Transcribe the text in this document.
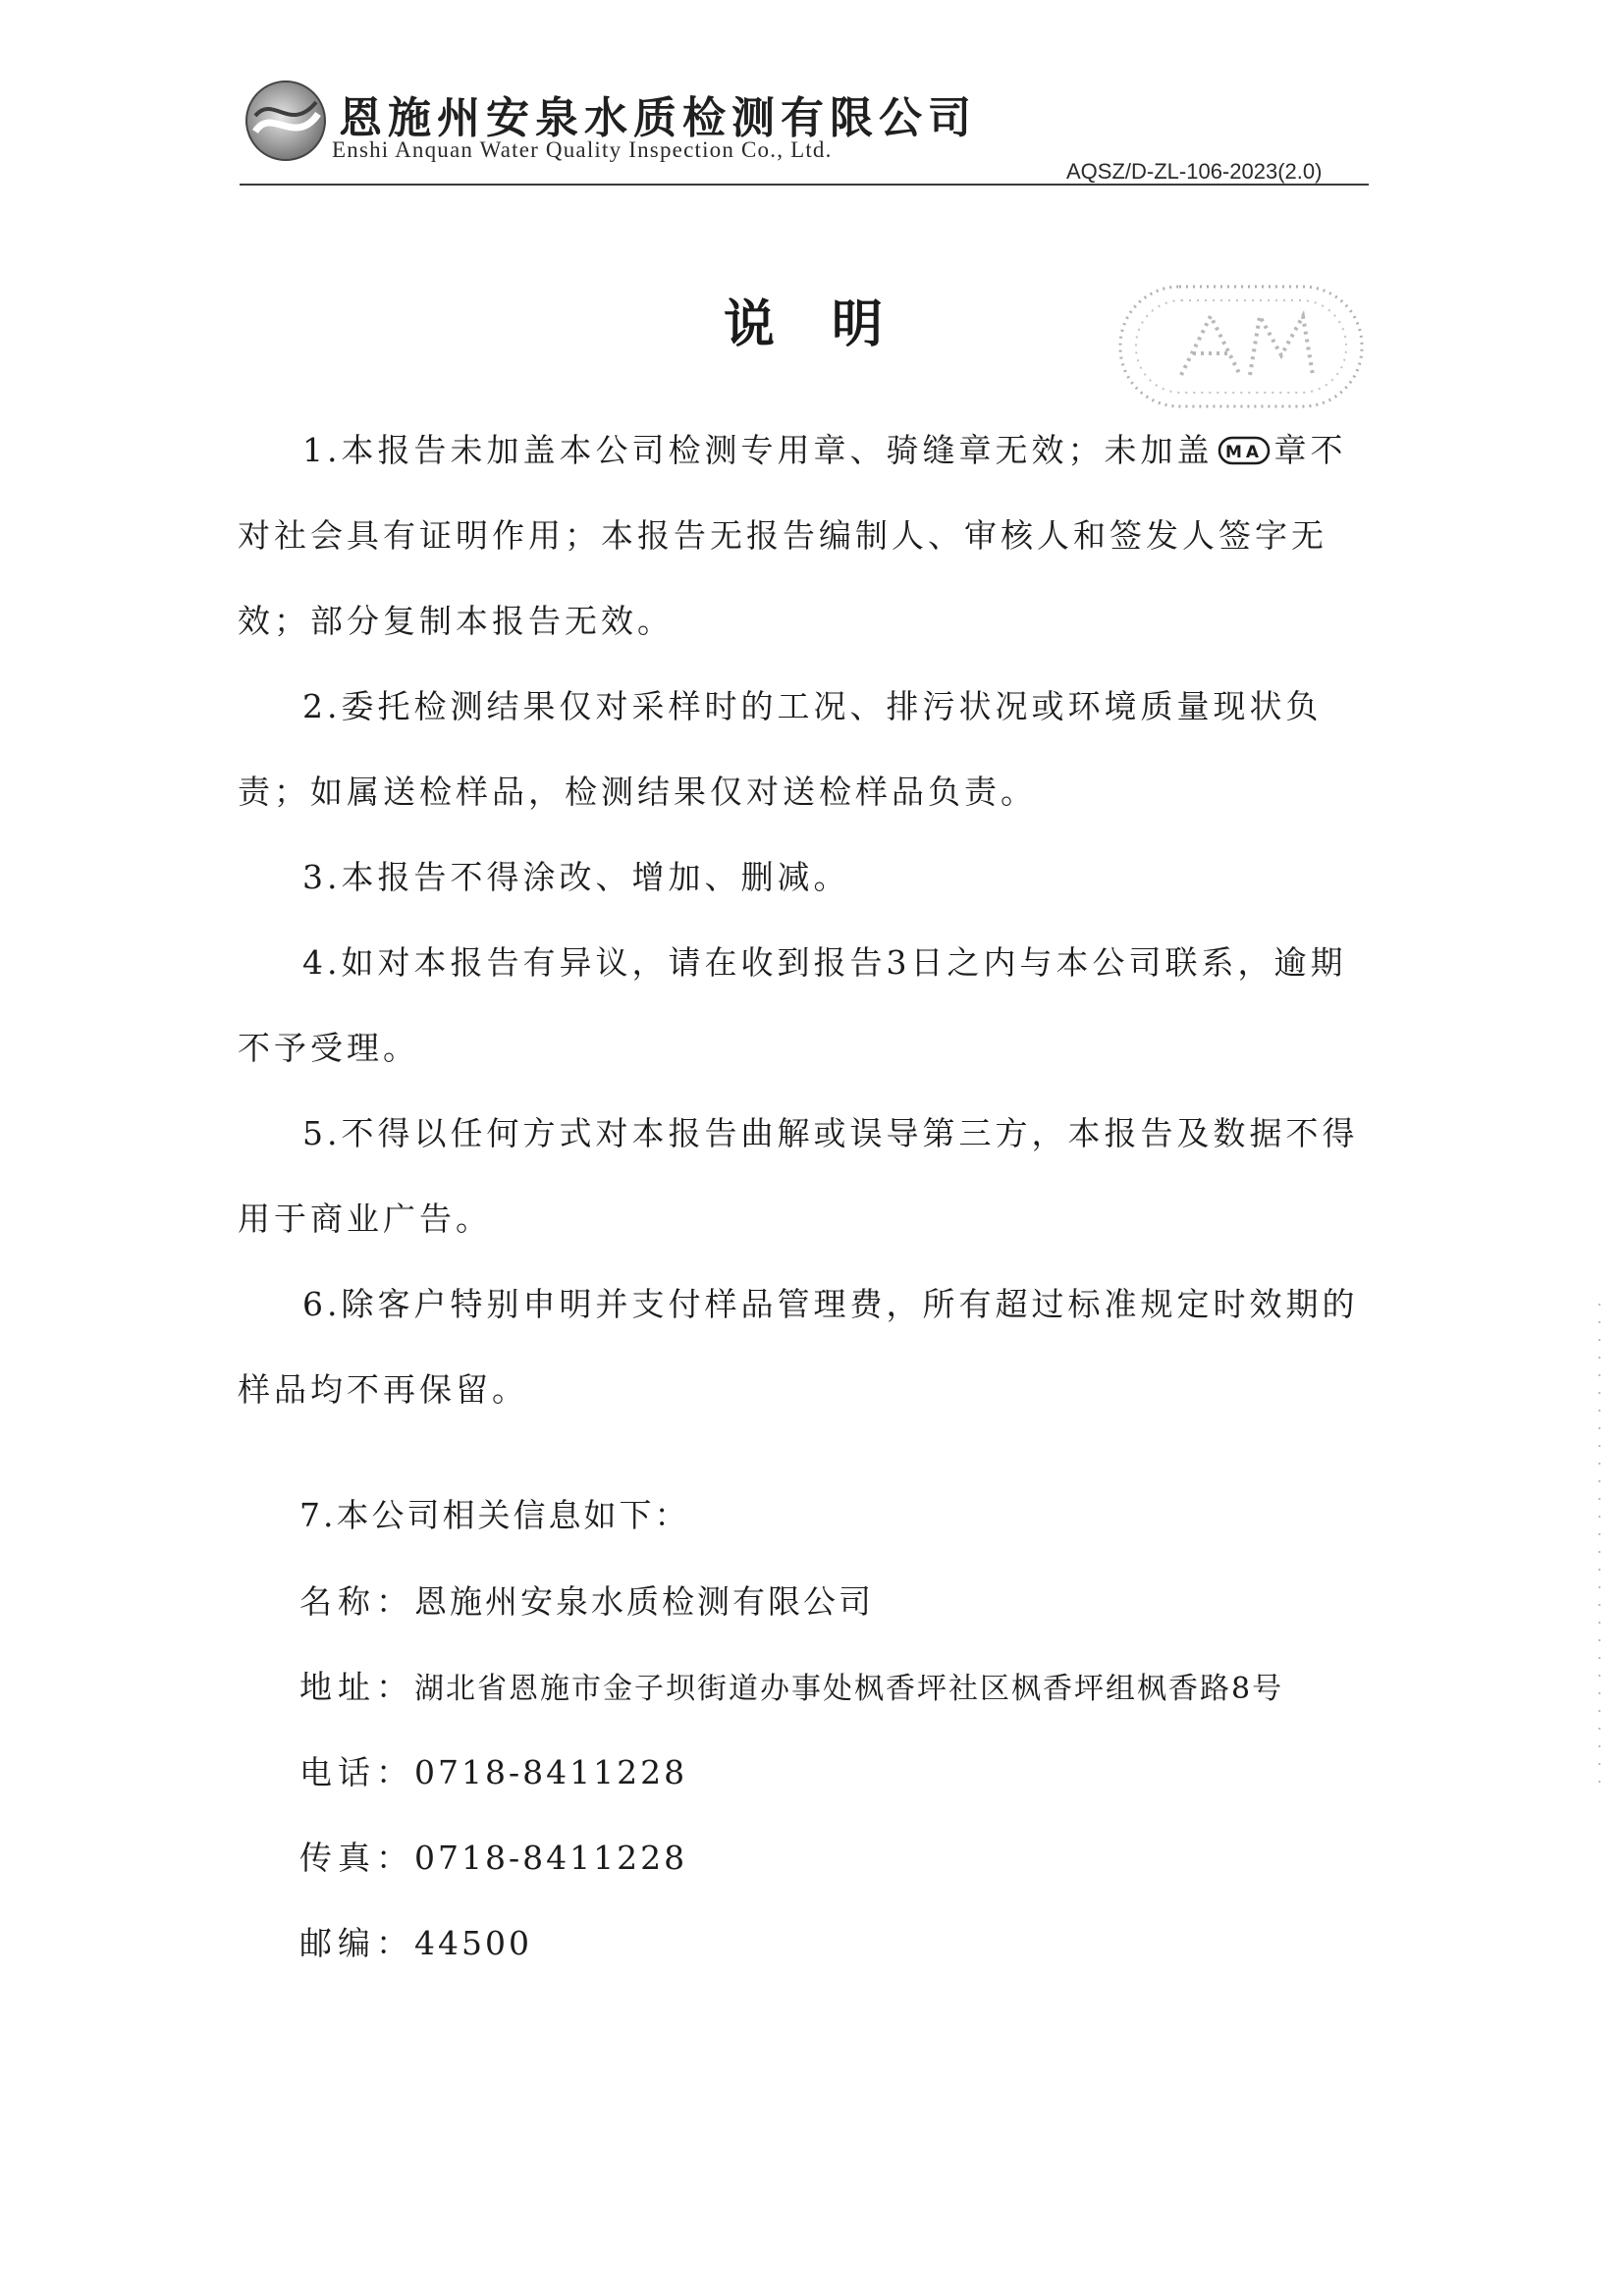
恩施州安泉水质检测有限公司
Enshi Anquan Water Quality Inspection Co., Ltd.
AQSZ/D-ZL-106-2023(2.0)
说明
1.本报告未加盖本公司检测专用章、骑缝章无效；未加盖 MA 章不对社会具有证明作用；本报告无报告编制人、审核人和签发人签字无效；部分复制本报告无效。
2.委托检测结果仅对采样时的工况、排污状况或环境质量现状负责；如属送检样品，检测结果仅对送检样品负责。
3.本报告不得涂改、增加、删减。
4.如对本报告有异议，请在收到报告3日之内与本公司联系，逾期不予受理。
5.不得以任何方式对本报告曲解或误导第三方，本报告及数据不得用于商业广告。
6.除客户特别申明并支付样品管理费，所有超过标准规定时效期的样品均不再保留。
7.本公司相关信息如下：
名称：恩施州安泉水质检测有限公司
地址：湖北省恩施市金子坝街道办事处枫香坪社区枫香坪组枫香路8号
电话：0718-8411228
传真：0718-8411228
邮编：44500
